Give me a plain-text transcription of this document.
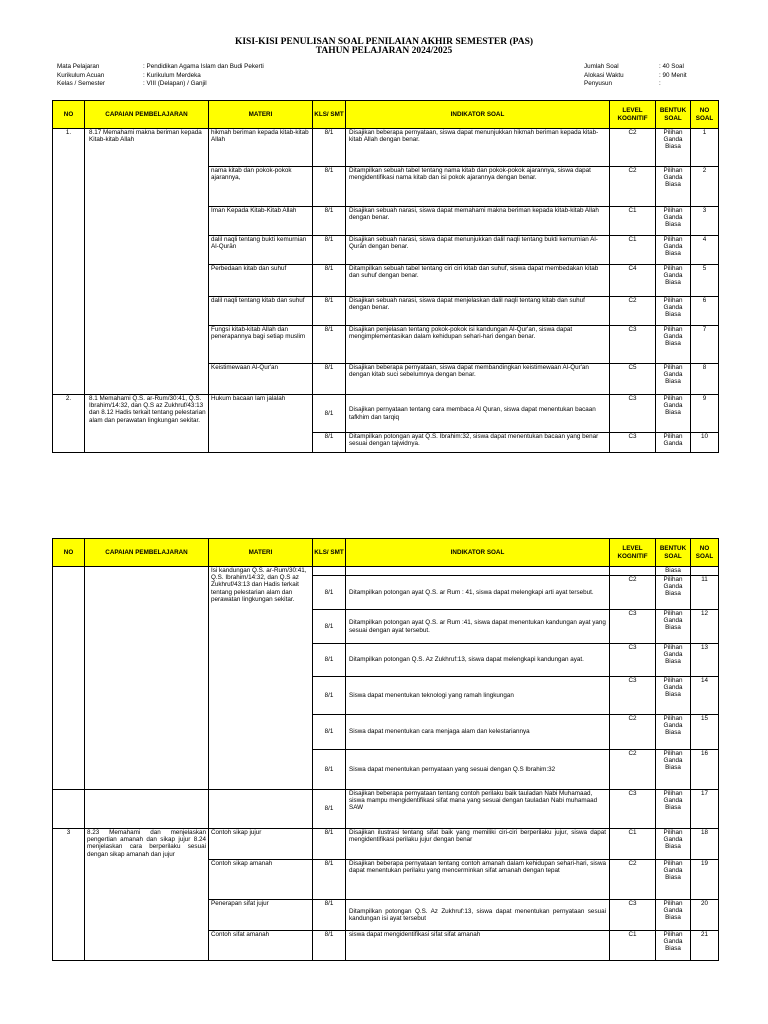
KISI-KISI PENULISAN SOAL PENILAIAN AKHIR SEMESTER (PAS)
TAHUN PELAJARAN 2024/2025
Mata Pelajaran	: Pendidikan Agama Islam dan Budi Pekerti
Kurikulum Acuan	: Kurikulum Merdeka
Kelas / Semester	: VIII (Delapan) / Ganjil
Jumlah Soal	: 40 Soal
Alokasi Waktu	: 90 Menit
Penyusun	:
NO	CAPAIAN PEMBELAJARAN	MATERI	KLS/ SMT	INDIKATOR SOAL	LEVEL KOGNITIF	BENTUK SOAL	NO SOAL
1.	8.17 Memahami makna beriman kepada Kitab-kitab Allah	hikmah beriman kepada kitab-kitab Allah	8/1	Disajikan beberapa pernyataan, siswa dapat menunjukkan hikmah beriman kepada kitab-kitab Allah dengan benar.	C2	Pilihan Ganda Biasa	1
		nama kitab dan pokok-pokok ajarannya,	8/1	Ditampilkan sebuah tabel tentang nama kitab dan pokok-pokok ajarannya, siswa dapat mengidentifikasi nama kitab dan isi pokok ajarannya dengan benar.	C2	Pilihan Ganda Biasa	2
		Iman Kepada Kitab-Kitab Allah	8/1	Disajikan sebuah narasi, siswa dapat memahami makna beriman kepada kitab-kitab Allah dengan benar.	C1	Pilihan Ganda Biasa	3
		dalil naqli tentang bukti kemurnian Al-Qurān	8/1	Disajikan sebuah narasi, siswa dapat menunjukkan dalil naqli tentang bukti kemurnian Al-Qurān dengan benar.	C1	Pilihan Ganda Biasa	4
		Perbedaan kitab dan suhuf	8/1	Ditampilkan sebuah tabel tentang ciri ciri kitab dan suhuf, siswa dapat membedakan kitab dan suhuf dengan benar.	C4	Pilihan Ganda Biasa	5
		dalil naqli tentang kitab dan suhuf	8/1	Disajikan sebuah narasi, siswa dapat menjelaskan dalil naqli tentang kitab dan suhuf dengan benar.	C2	Pilihan Ganda Biasa	6
		Fungsi kitab-kitab Allah dan penerapannya bagi setiap muslim	8/1	Disajikan penjelasan tentang pokok-pokok isi kandungan Al-Qur'an, siswa dapat mengimplementasikan dalam kehidupan sehari-hari dengan benar.	C3	Pilihan Ganda Biasa	7
		Keistimewaan Al-Qur'an	8/1	Disajikan beberapa pernyataan, siswa dapat membandingkan keistimewaan Al-Qur'an dengan kitab suci sebelumnya dengan benar.	C5	Pilihan Ganda Biasa	8
2.	8.1 Memahami Q.S. ar-Rum/30:41, Q.S. Ibrahim/14:32, dan Q.S az Zukhruf/43:13 dan 8.12 Hadis terkait tentang pelestarian alam dan perawatan lingkungan sekitar.	Hukum bacaan lam jalalah	8/1	Disajikan pernyataan tentang cara membaca Al Quran, siswa dapat menentukan bacaan tafkhim dan tarqiq	C3	Pilihan Ganda Biasa	9
			8/1	Ditampilkan potongan ayat Q.S. Ibrahim:32, siswa dapat menentukan bacaan yang benar sesuai dengan tajwidnya.	C3	Pilihan Ganda	10
NO	CAPAIAN PEMBELAJARAN	MATERI	KLS/ SMT	INDIKATOR SOAL	LEVEL KOGNITIF	BENTUK SOAL	NO SOAL
		Isi kandungan Q.S. ar-Rum/30:41, Q.S. Ibrahim/14:32, dan Q.S az Zukhruf/43:13 dan Hadis terkait tentang pelestarian alam dan perawatan lingkungan sekitar.				Biasa	
			8/1	Ditampilkan potongan ayat Q.S. ar Rum : 41, siswa dapat melengkapi arti ayat tersebut.	C2	Pilihan Ganda Biasa	11
			8/1	Ditampilkan potongan ayat Q.S. ar Rum :41, siswa dapat menentukan kandungan ayat yang sesuai dengan ayat tersebut.	C3	Pilihan Ganda Biasa	12
			8/1	Ditampilkan potongan Q.S. Az Zukhruf:13, siswa dapat melengkapi kandungan ayat.	C3	Pilihan Ganda Biasa	13
			8/1	Siswa dapat menentukan teknologi yang ramah lingkungan	C3	Pilihan Ganda Biasa	14
			8/1	Siswa dapat menentukan cara menjaga alam dan kelestariannya	C2	Pilihan Ganda Biasa	15
			8/1	Siswa dapat menentukan pernyataan yang sesuai dengan Q.S Ibrahim:32	C2	Pilihan Ganda Biasa	16
			8/1	Disajikan beberapa pernyataan tentang contoh perilaku baik tauladan Nabi Muhamaad, siswa mampu mengidentifikasi sifat mana yang sesuai dengan tauladan Nabi muhamaad SAW	C3	Pilihan Ganda Biasa	17
3	8.23 Memahami dan menjelaskan pengertian amanah dan sikap jujur 8.24 menjelaskan cara berperilaku sesuai dengan sikap amanah dan jujur	Contoh sikap jujur	8/1	Disajikan ilustrasi tentang sifat baik yang memiliki ciri-ciri berperilaku jujur, siswa dapat mengidentifikasi perilaku jujur dengan benar	C1	Pilihan Ganda Biasa	18
		Contoh sikap amanah	8/1	Disajikan beberapa pernyataan tentang contoh amanah dalam kehidupan sehari-hari, siswa dapat menentukan perilaku yang mencerminkan sifat amanah dengan tepat	C2	Pilihan Ganda Biasa	19
		Penerapan sifat jujur	8/1	Ditampilkan potongan Q.S. Az Zukhruf:13, siswa dapat menentukan pernyataan sesuai kandungan isi ayat tersebut	C3	Pilihan Ganda Biasa	20
		Contoh sifat amanah	8/1	siswa dapat mengidentifikasi sifat sifat amanah	C1	Pilihan Ganda Biasa	21
